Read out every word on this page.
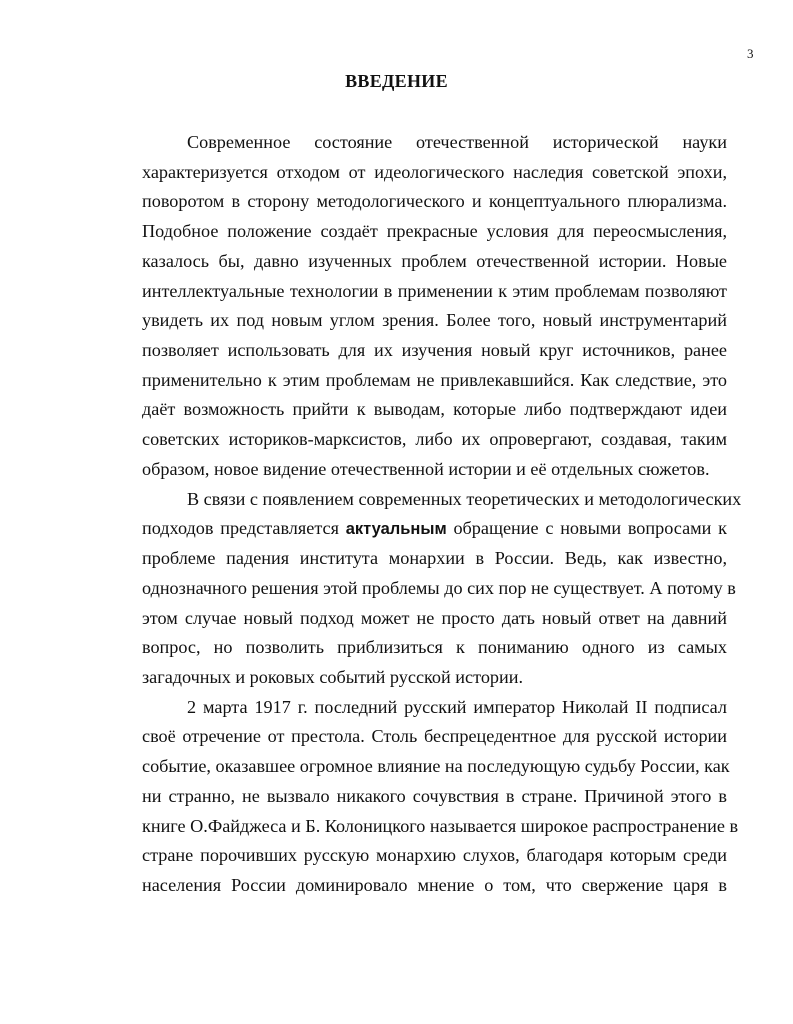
3
ВВЕДЕНИЕ
Современное состояние отечественной исторической науки
характеризуется отходом от идеологического наследия советской эпохи,
поворотом в сторону методологического и концептуального плюрализма.
Подобное положение создаёт прекрасные условия для переосмысления,
казалось бы, давно изученных проблем отечественной истории. Новые
интеллектуальные технологии в применении к этим проблемам позволяют
увидеть их под новым углом зрения. Более того, новый инструментарий
позволяет использовать для их изучения новый круг источников, ранее
применительно к этим проблемам не привлекавшийся. Как следствие, это
даёт возможность прийти к выводам, которые либо подтверждают идеи
советских историков-марксистов, либо их опровергают, создавая, таким
образом, новое видение отечественной истории и её отдельных сюжетов.
В связи с появлением современных теоретических и методологических
подходов представляется актуальным обращение с новыми вопросами к
проблеме падения института монархии в России. Ведь, как известно,
однозначного решения этой проблемы до сих пор не существует. А потому в
этом случае новый подход может не просто дать новый ответ на давний
вопрос, но позволить приблизиться к пониманию одного из самых
загадочных и роковых событий русской истории.
2 марта 1917 г. последний русский император Николай II подписал
своё отречение от престола. Столь беспрецедентное для русской истории
событие, оказавшее огромное влияние на последующую судьбу России, как
ни странно, не вызвало никакого сочувствия в стране. Причиной этого в
книге О.Файджеса и Б. Колоницкого называется широкое распространение в
стране порочивших русскую монархию слухов, благодаря которым среди
населения России доминировало мнение о том, что свержение царя в
